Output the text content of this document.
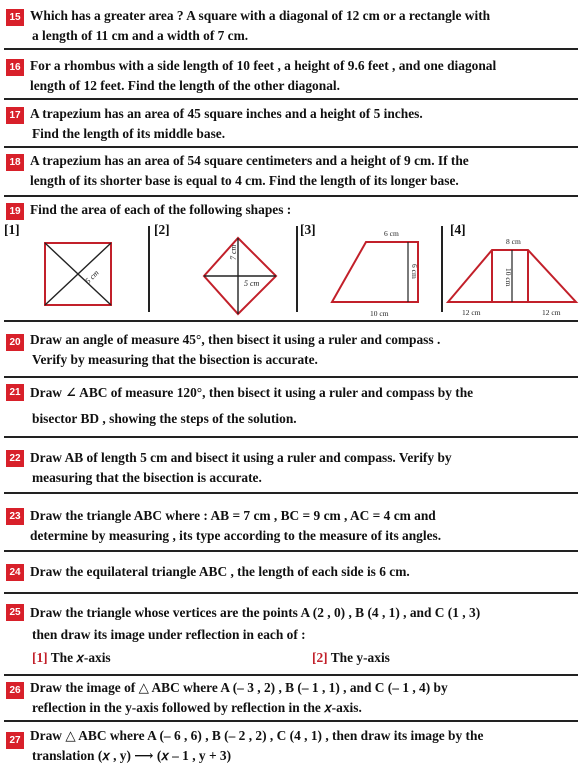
15 Which has a greater area ? A square with a diagonal of 12 cm or a rectangle with
a length of 11 cm and a width of 7 cm.
16 For a rhombus with a side length of 10 feet , a height of 9.6 feet , and one diagonal
length of 12 feet. Find the length of the other diagonal.
17 A trapezium has an area of 45 square inches and a height of 5 inches.
Find the length of its middle base.
18 A trapezium has an area of 54 square centimeters and a height of 9 cm. If the
length of its shorter base is equal to 4 cm. Find the length of its longer base.
19 Find the area of each of the following shapes :
[1]	[2]	[3]	[4]
5 cm
7 cm
5 cm
6 cm
6 cm
10 cm
8 cm
10 cm
12 cm	12 cm
20 Draw an angle of measure 45°, then bisect it using a ruler and compass .
Verify by measuring that the bisection is accurate.
21 Draw ∠ ABC of measure 120°, then bisect it using a ruler and compass by the
bisector BD , showing the steps of the solution.
22 Draw AB of length 5 cm and bisect it using a ruler and compass. Verify by
measuring that the bisection is accurate.
23 Draw the triangle ABC where : AB = 7 cm , BC = 9 cm , AC = 4 cm and
determine by measuring , its type according to the measure of its angles.
24 Draw the equilateral triangle ABC , the length of each side is 6 cm.
25 Draw the triangle whose vertices are the points A (2 , 0) , B (4 , 1) , and C (1 , 3)
then draw its image under reflection in each of :
[1] The 𝑥-axis	[2] The y-axis
26 Draw the image of △ ABC where A (– 3 , 2) , B (– 1 , 1) , and C (– 1 , 4) by
reflection in the y-axis followed by reflection in the 𝑥-axis.
27 Draw △ ABC where A (– 6 , 6) , B (– 2 , 2) , C (4 , 1) , then draw its image by the
translation (𝑥 , y) ⟶ (𝑥 – 1 , y + 3)
